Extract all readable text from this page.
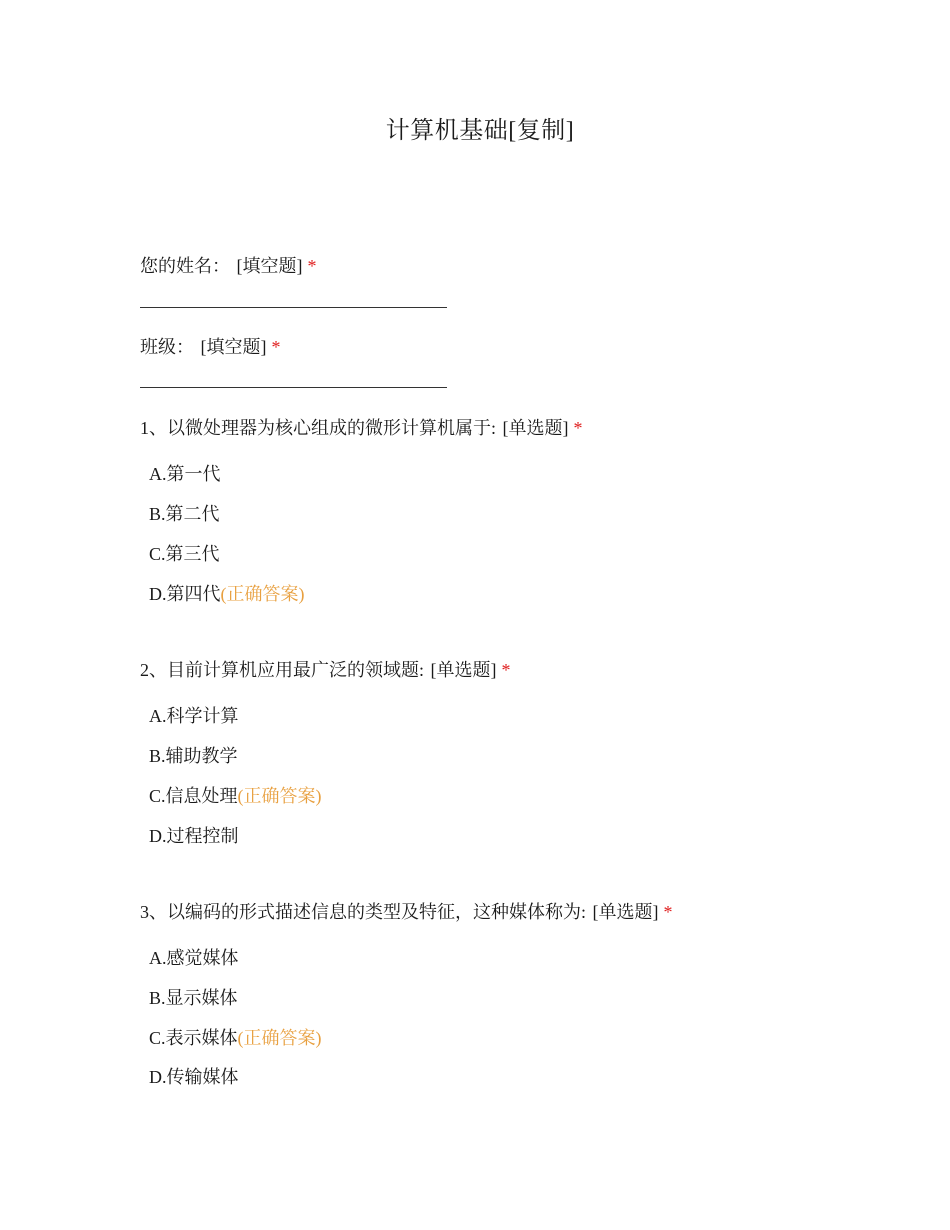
计算机基础[复制]
您的姓名： [填空题] *
班级： [填空题] *
1、以微处理器为核心组成的微形计算机属于: [单选题] *
A.第一代
B.第二代
C.第三代
D.第四代(正确答案)
2、目前计算机应用最广泛的领域题: [单选题] *
A.科学计算
B.辅助教学
C.信息处理(正确答案)
D.过程控制
3、以编码的形式描述信息的类型及特征，这种媒体称为: [单选题] *
A.感觉媒体
B.显示媒体
C.表示媒体(正确答案)
D.传输媒体
